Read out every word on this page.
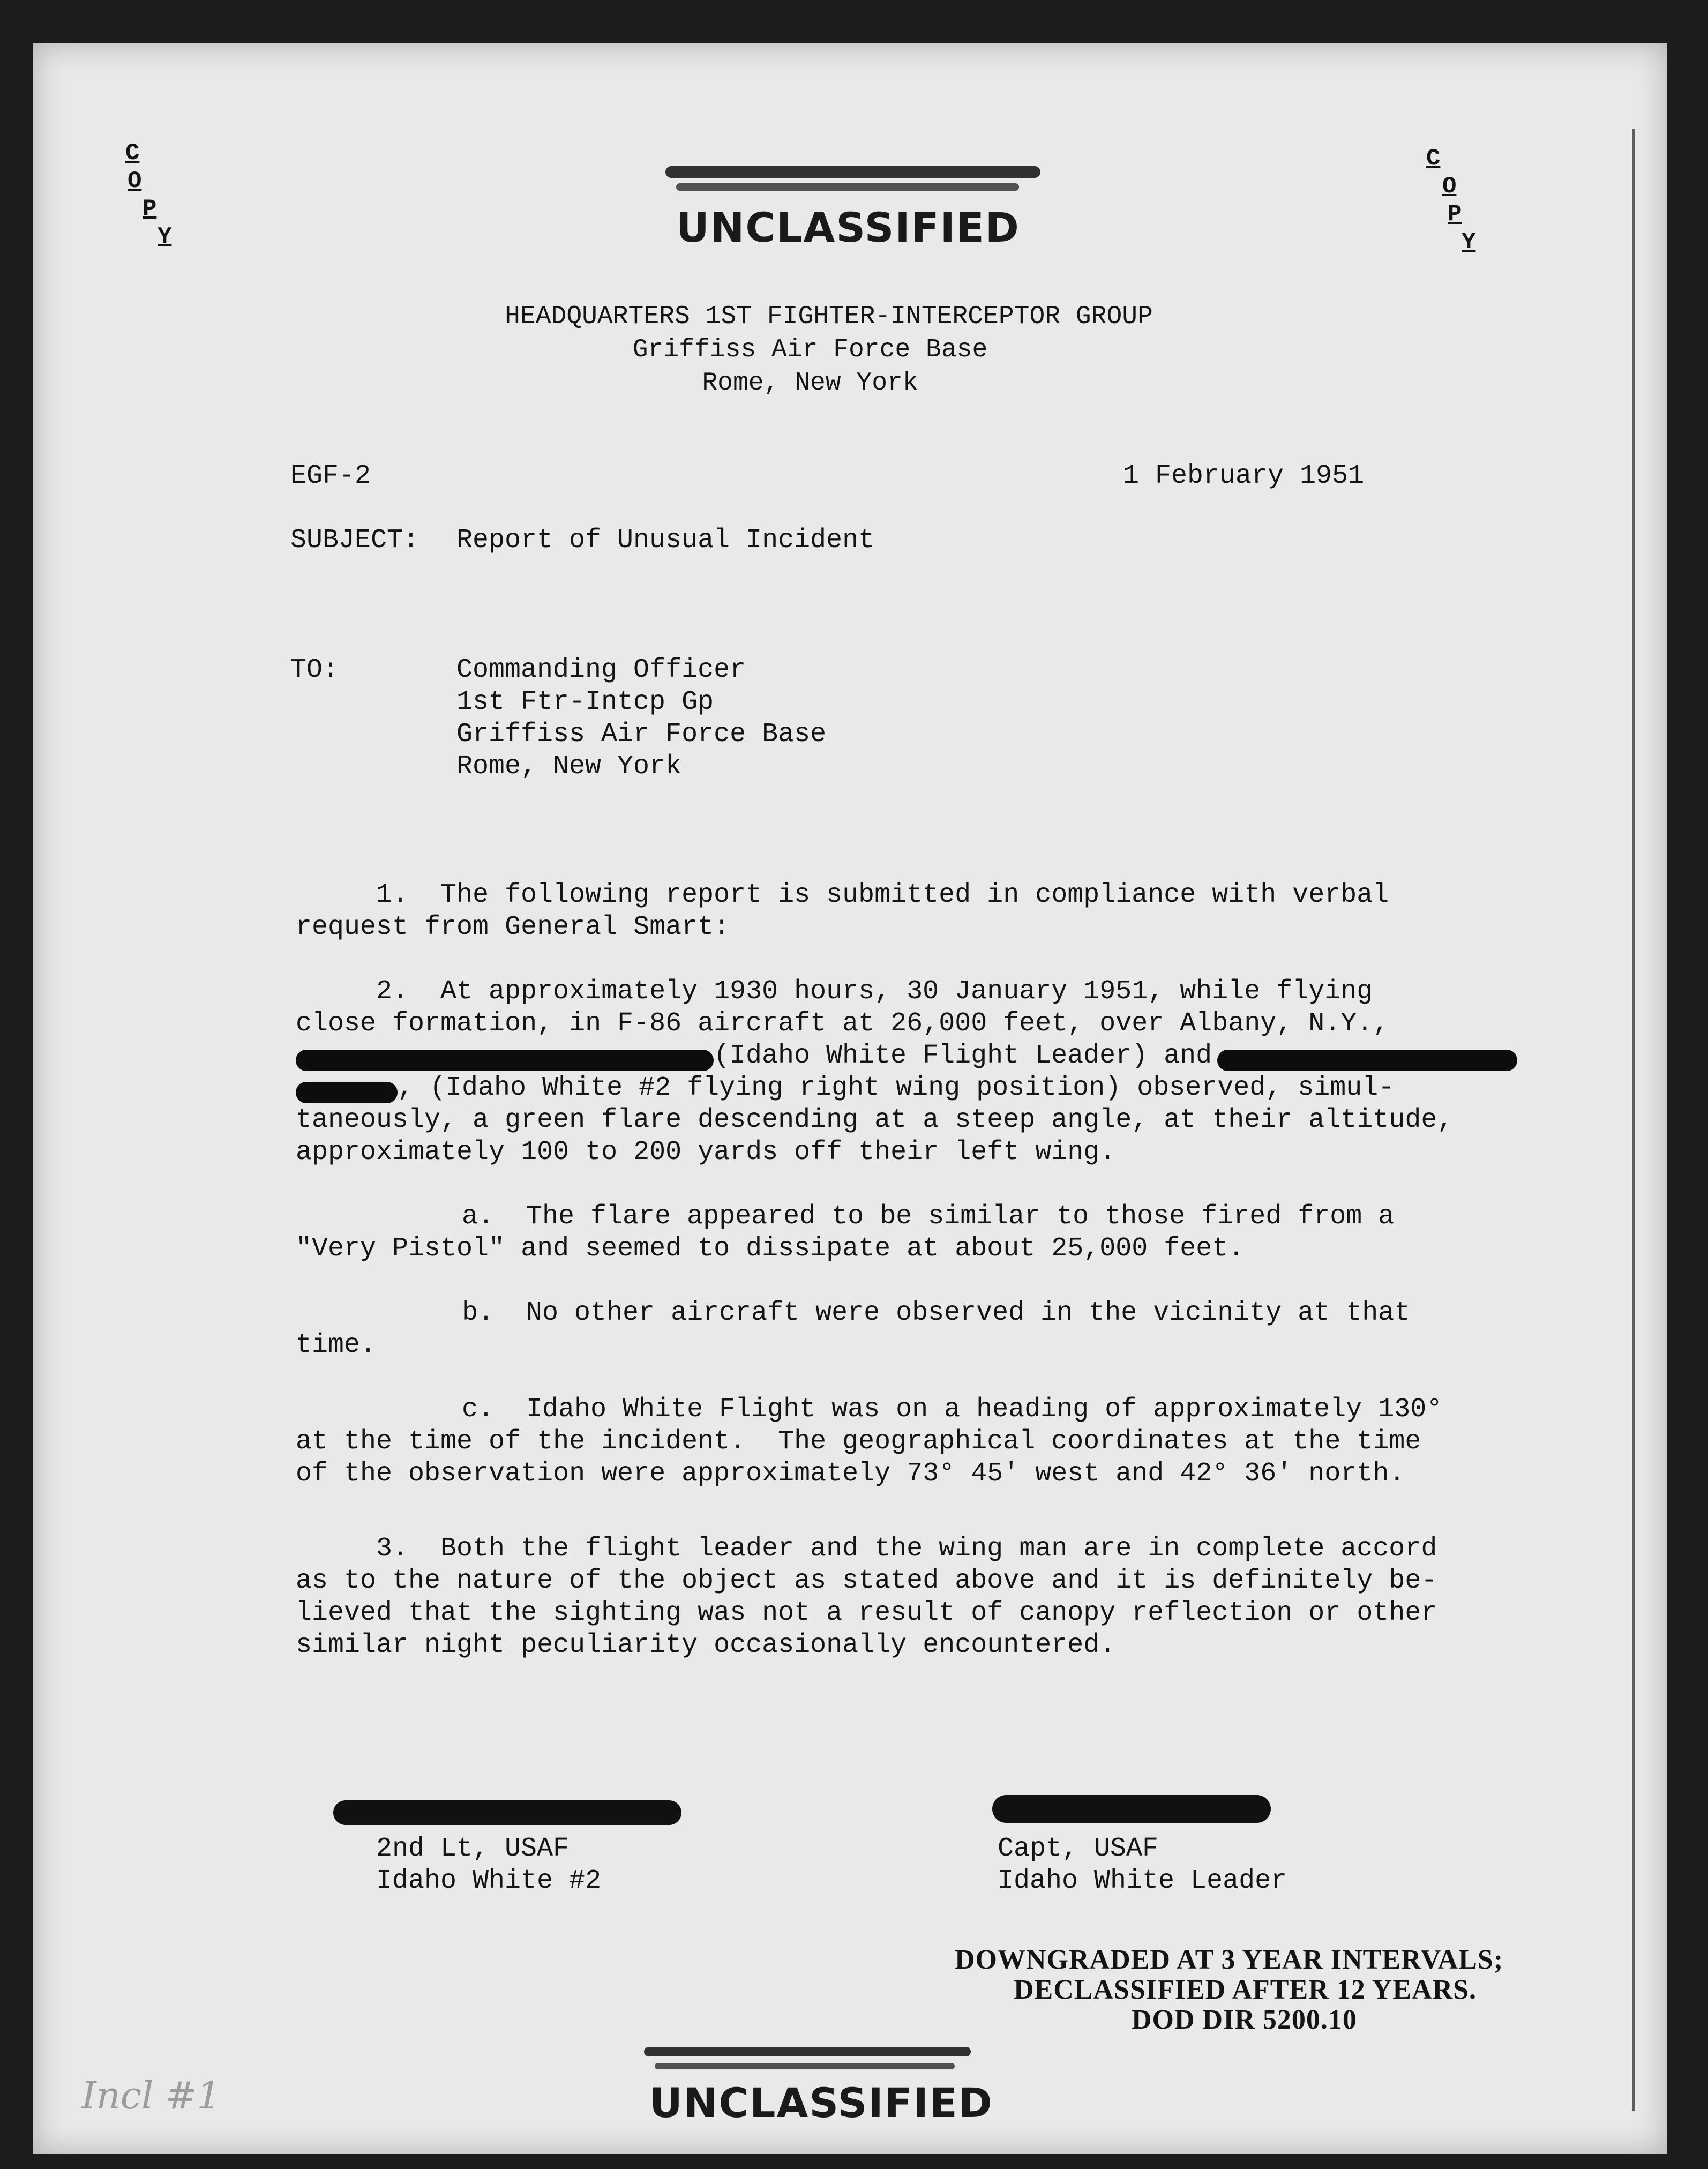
C
O
P
Y
C
O
P
Y
UNCLASSIFIED
HEADQUARTERS 1ST FIGHTER-INTERCEPTOR GROUP
Griffiss Air Force Base
Rome, New York
EGF-2	1 February 1951
SUBJECT: Report of Unusual Incident
TO:	Commanding Officer
1st Ftr-Intcp Gp
Griffiss Air Force Base
Rome, New York
1.  The following report is submitted in compliance with verbal
request from General Smart:
2.  At approximately 1930 hours, 30 January 1951, while flying
close formation, in F-86 aircraft at 26,000 feet, over Albany, N.Y.,
(Idaho White Flight Leader) and
, (Idaho White #2 flying right wing position) observed, simul-
taneously, a green flare descending at a steep angle, at their altitude,
approximately 100 to 200 yards off their left wing.
a.  The flare appeared to be similar to those fired from a
"Very Pistol" and seemed to dissipate at about 25,000 feet.
b.  No other aircraft were observed in the vicinity at that
time.
c.  Idaho White Flight was on a heading of approximately 130°
at the time of the incident.  The geographical coordinates at the time
of the observation were approximately 73° 45' west and 42° 36' north.
3.  Both the flight leader and the wing man are in complete accord
as to the nature of the object as stated above and it is definitely be-
lieved that the sighting was not a result of canopy reflection or other
similar night peculiarity occasionally encountered.
2nd Lt, USAF
Idaho White #2
Capt, USAF
Idaho White Leader
DOWNGRADED AT 3 YEAR INTERVALS;
DECLASSIFIED AFTER 12 YEARS.
DOD DIR 5200.10
UNCLASSIFIED
Incl #1
